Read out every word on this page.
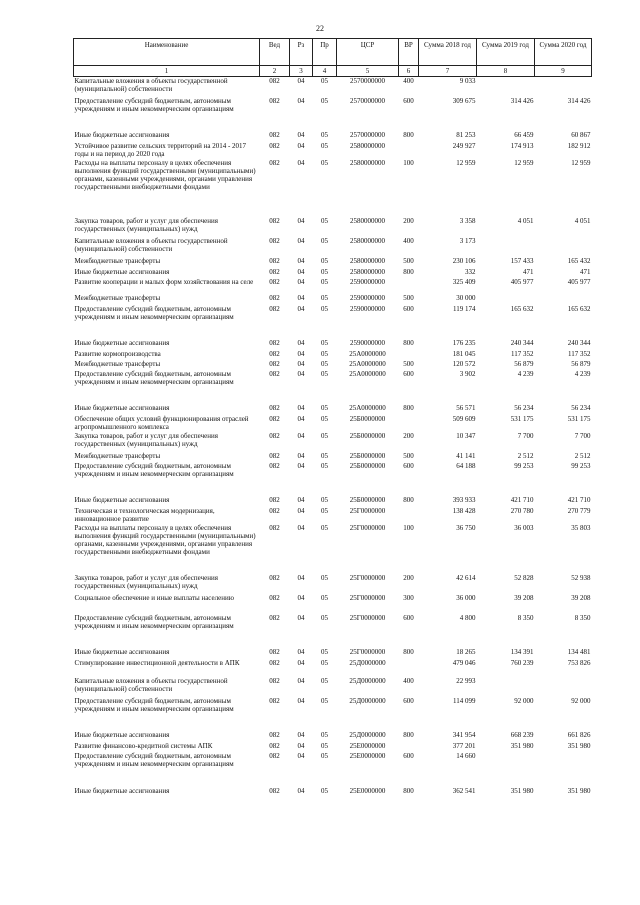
22
Наименование	Вед	Рз	Пр	ЦСР	ВР	Сумма 2018 год	Сумма 2019 год	Сумма 2020 год
1	2	3	4	5	6	7	8	9
Капитальные вложения в объекты государственной (муниципальной) собственности	082	04	05	2570000000	400	9 033		
Предоставление субсидий бюджетным, автономным учреждениям и иным некоммерческим организациям	082	04	05	2570000000	600	309 675	314 426	314 426
Иные бюджетные ассигнования	082	04	05	2570000000	800	81 253	66 459	60 867
Устойчивое развитие сельских территорий на 2014 - 2017 годы и на период до 2020 года	082	04	05	2580000000		249 927	174 913	182 912
Расходы на выплаты персоналу в целях обеспечения выполнения функций государственными (муниципальными) органами, казенными учреждениями, органами управления государственными внебюджетными фондами	082	04	05	2580000000	100	12 959	12 959	12 959
Закупка товаров, работ и услуг для обеспечения государственных (муниципальных) нужд	082	04	05	2580000000	200	3 358	4 051	4 051
Капитальные вложения в объекты государственной (муниципальной) собственности	082	04	05	2580000000	400	3 173		
Межбюджетные трансферты	082	04	05	2580000000	500	230 106	157 433	165 432
Иные бюджетные ассигнования	082	04	05	2580000000	800	332	471	471
Развитие кооперации и малых форм хозяйствования на селе	082	04	05	2590000000		325 409	405 977	405 977
Межбюджетные трансферты	082	04	05	2590000000	500	30 000		
Предоставление субсидий бюджетным, автономным учреждениям и иным некоммерческим организациям	082	04	05	2590000000	600	119 174	165 632	165 632
Иные бюджетные ассигнования	082	04	05	2590000000	800	176 235	240 344	240 344
Развитие кормопроизводства	082	04	05	25А0000000		181 045	117 352	117 352
Межбюджетные трансферты	082	04	05	25А0000000	500	120 572	56 879	56 879
Предоставление субсидий бюджетным, автономным учреждениям и иным некоммерческим организациям	082	04	05	25А0000000	600	3 902	4 239	4 239
Иные бюджетные ассигнования	082	04	05	25А0000000	800	56 571	56 234	56 234
Обеспечение общих условий функционирования отраслей агропромышленного комплекса	082	04	05	25Б0000000		509 609	531 175	531 175
Закупка товаров, работ и услуг для обеспечения государственных (муниципальных) нужд	082	04	05	25Б0000000	200	10 347	7 700	7 700
Межбюджетные трансферты	082	04	05	25Б0000000	500	41 141	2 512	2 512
Предоставление субсидий бюджетным, автономным учреждениям и иным некоммерческим организациям	082	04	05	25Б0000000	600	64 188	99 253	99 253
Иные бюджетные ассигнования	082	04	05	25Б0000000	800	393 933	421 710	421 710
Техническая и технологическая модернизация, инновационное развитие	082	04	05	25Г0000000		138 428	270 780	270 779
Расходы на выплаты персоналу в целях обеспечения выполнения функций государственными (муниципальными) органами, казенными учреждениями, органами управления государственными внебюджетными фондами	082	04	05	25Г0000000	100	36 750	36 003	35 803
Закупка товаров, работ и услуг для обеспечения государственных (муниципальных) нужд	082	04	05	25Г0000000	200	42 614	52 828	52 938
Социальное обеспечение и иные выплаты населению	082	04	05	25Г0000000	300	36 000	39 208	39 208
Предоставление субсидий бюджетным, автономным учреждениям и иным некоммерческим организациям	082	04	05	25Г0000000	600	4 800	8 350	8 350
Иные бюджетные ассигнования	082	04	05	25Г0000000	800	18 265	134 391	134 481
Стимулирование инвестиционной деятельности в АПК	082	04	05	25Д0000000		479 046	760 239	753 826
Капитальные вложения в объекты государственной (муниципальной) собственности	082	04	05	25Д0000000	400	22 993		
Предоставление субсидий бюджетным, автономным учреждениям и иным некоммерческим организациям	082	04	05	25Д0000000	600	114 099	92 000	92 000
Иные бюджетные ассигнования	082	04	05	25Д0000000	800	341 954	668 239	661 826
Развитие финансово-кредитной системы АПК	082	04	05	25Е0000000		377 201	351 980	351 980
Предоставление субсидий бюджетным, автономным учреждениям и иным некоммерческим организациям	082	04	05	25Е0000000	600	14 660		
Иные бюджетные ассигнования	082	04	05	25Е0000000	800	362 541	351 980	351 980
